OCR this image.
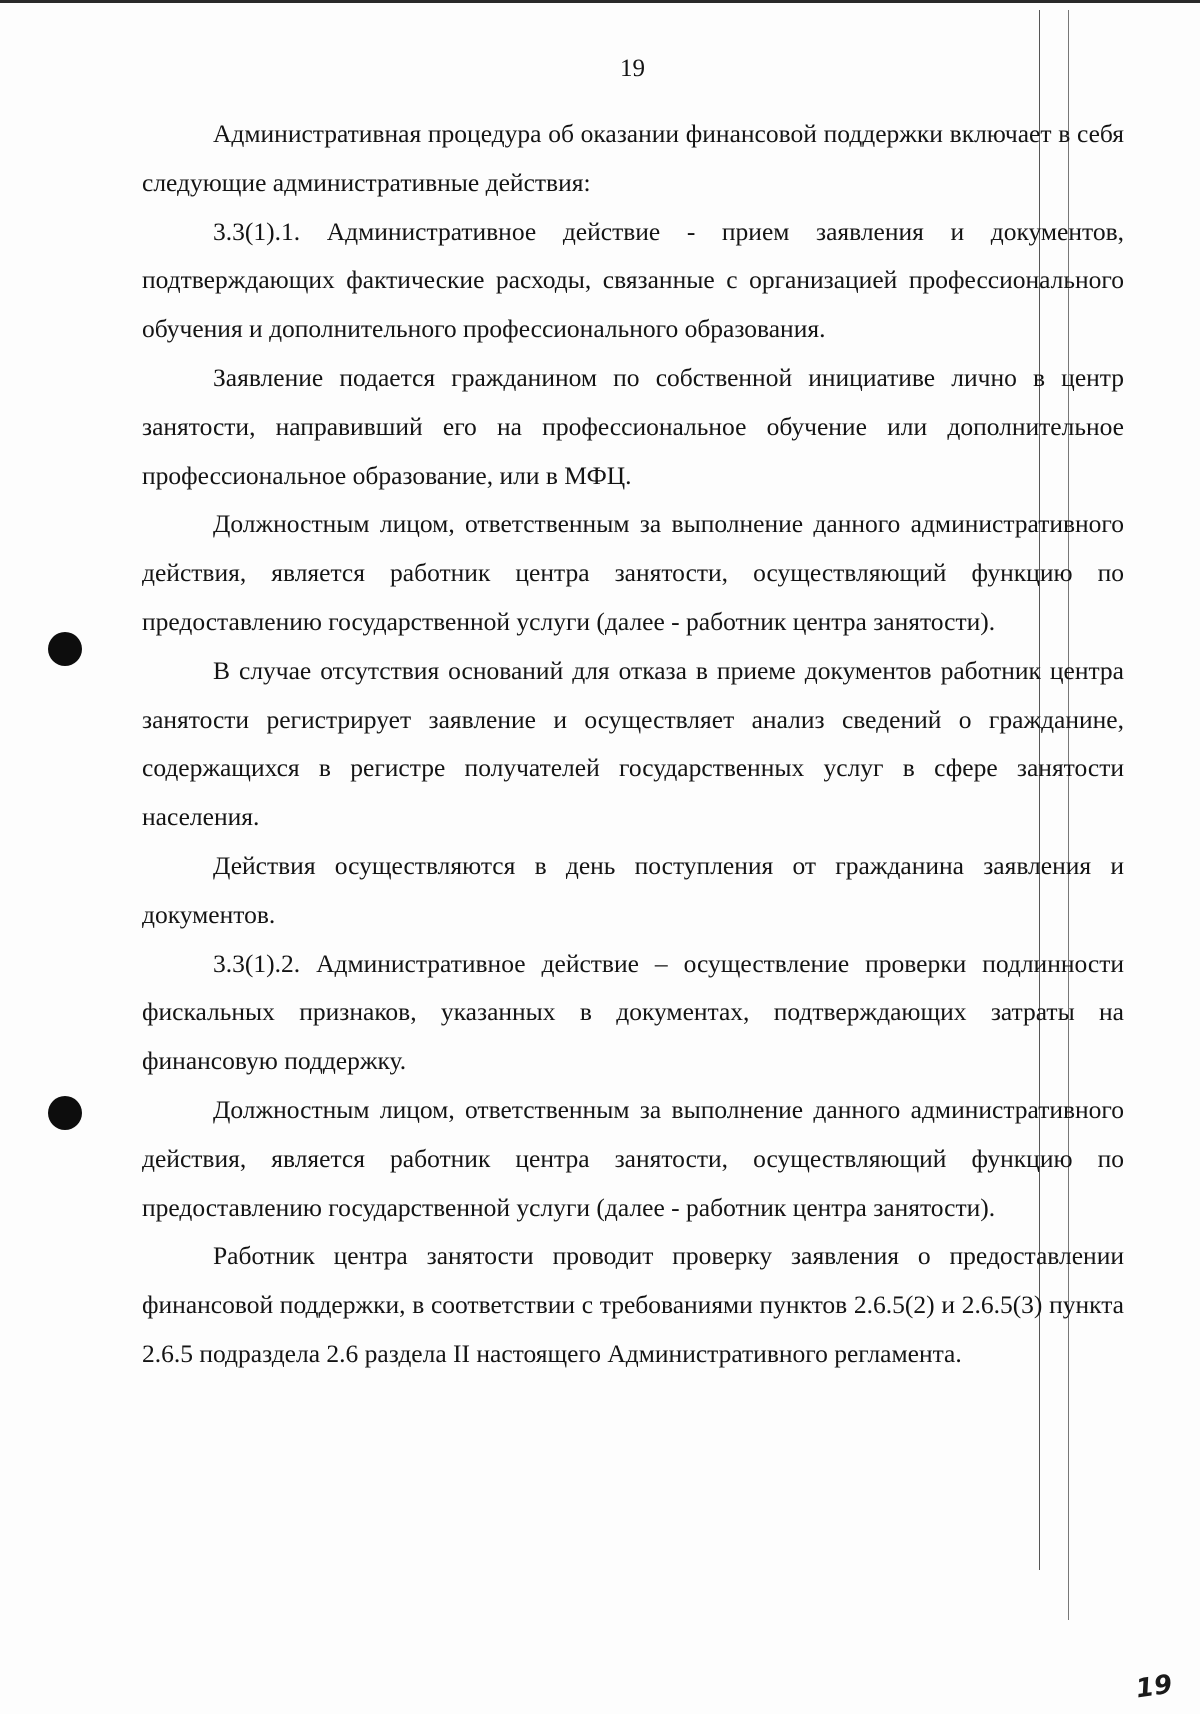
19

Административная процедура об оказании финансовой поддержки включает в себя следующие административные действия:

3.3(1).1. Административное действие - прием заявления и документов, подтверждающих фактические расходы, связанные с организацией профессионального обучения и дополнительного профессионального образования.

Заявление подается гражданином по собственной инициативе лично в центр занятости, направивший его на профессиональное обучение или дополнительное профессиональное образование, или в МФЦ.

Должностным лицом, ответственным за выполнение данного административного действия, является работник центра занятости, осуществляющий функцию по предоставлению государственной услуги (далее - работник центра занятости).

В случае отсутствия оснований для отказа в приеме документов работник центра занятости регистрирует заявление и осуществляет анализ сведений о гражданине, содержащихся в регистре получателей государственных услуг в сфере занятости населения.

Действия осуществляются в день поступления от гражданина заявления и документов.

3.3(1).2. Административное действие – осуществление проверки подлинности фискальных признаков, указанных в документах, подтверждающих затраты на финансовую поддержку.

Должностным лицом, ответственным за выполнение данного административного действия, является работник центра занятости, осуществляющий функцию по предоставлению государственной услуги (далее - работник центра занятости).

Работник центра занятости проводит проверку заявления о предоставлении финансовой поддержки, в соответствии с требованиями пунктов 2.6.5(2) и 2.6.5(3) пункта 2.6.5 подраздела 2.6 раздела II настоящего Административного регламента.

19
